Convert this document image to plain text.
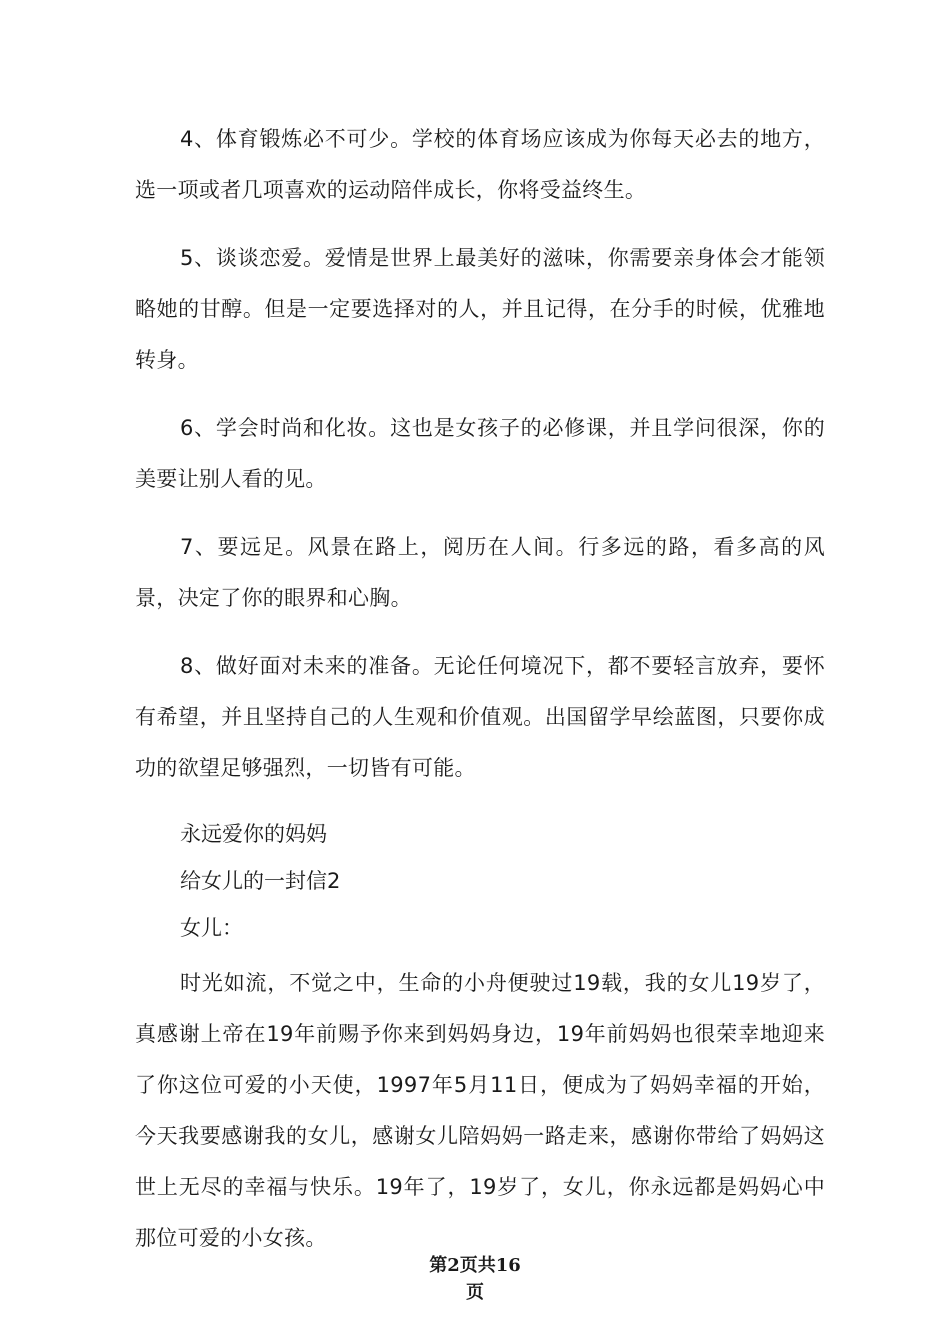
4、体育锻炼必不可少。学校的体育场应该成为你每天必去的地方，选一项或者几项喜欢的运动陪伴成长，你将受益终生。

5、谈谈恋爱。爱情是世界上最美好的滋味，你需要亲身体会才能领略她的甘醇。但是一定要选择对的人，并且记得，在分手的时候，优雅地转身。

6、学会时尚和化妆。这也是女孩子的必修课，并且学问很深，你的美要让别人看的见。

7、要远足。风景在路上，阅历在人间。行多远的路，看多高的风景，决定了你的眼界和心胸。

8、做好面对未来的准备。无论任何境况下，都不要轻言放弃，要怀有希望，并且坚持自己的人生观和价值观。出国留学早绘蓝图，只要你成功的欲望足够强烈，一切皆有可能。

永远爱你的妈妈

给女儿的一封信2

女儿：

时光如流，不觉之中，生命的小舟便驶过19载，我的女儿19岁了，真感谢上帝在19年前赐予你来到妈妈身边，19年前妈妈也很荣幸地迎来了你这位可爱的小天使，1997年5月11日，便成为了妈妈幸福的开始，今天我要感谢我的女儿，感谢女儿陪妈妈一路走来，感谢你带给了妈妈这世上无尽的幸福与快乐。19年了，19岁了，女儿，你永远都是妈妈心中那位可爱的小女孩。

第2页共16
页
